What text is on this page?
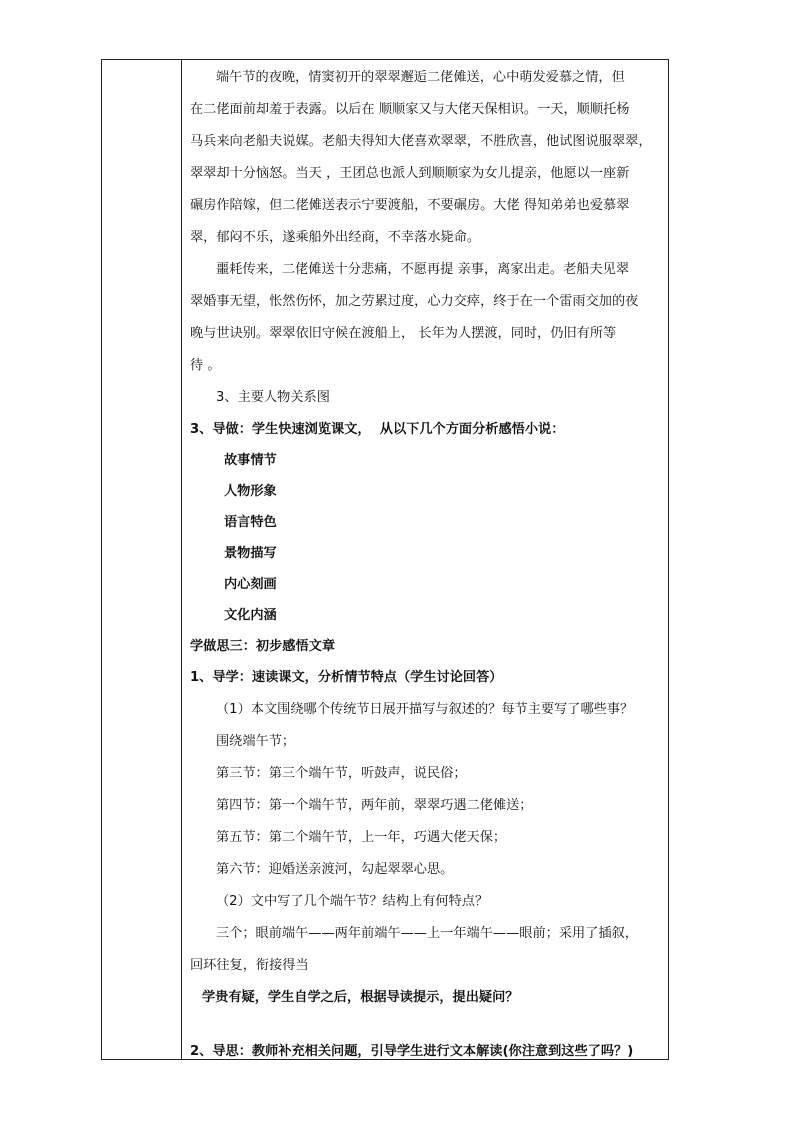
端午节的夜晚，情窦初开的翠翠邂逅二佬傩送，心中萌发爱慕之情，但
在二佬面前却羞于表露。以后在 顺顺家又与大佬天保相识。一天，顺顺托杨
马兵来向老船夫说媒。老船夫得知大佬喜欢翠翠，不胜欣喜，他试图说服翠翠，
翠翠却十分恼怒。当天 ，王团总也派人到顺顺家为女儿提亲，他愿以一座新
碾房作陪嫁，但二佬傩送表示宁要渡船，不要碾房。大佬 得知弟弟也爱慕翠
翠，郁闷不乐，遂乘船外出经商，不幸落水毙命。
噩耗传来，二佬傩送十分悲痛，不愿再提 亲事，离家出走。老船夫见翠
翠婚事无望，怅然伤怀，加之劳累过度，心力交瘁，终于在一个雷雨交加的夜
晚与世诀别。翠翠依旧守候在渡船上， 长年为人摆渡，同时，仍旧有所等
待 。
3、主要人物关系图
3、导做：学生快速浏览课文，  从以下几个方面分析感悟小说：
故事情节
人物形象
语言特色
景物描写
内心刻画
文化内涵
学做思三：初步感悟文章
1、导学：速读课文，分析情节特点（学生讨论回答）
（1）本文围绕哪个传统节日展开描写与叙述的？每节主要写了哪些事？
围绕端午节；
第三节：第三个端午节，听鼓声，说民俗；
第四节：第一个端午节，两年前，翠翠巧遇二佬傩送；
第五节：第二个端午节，上一年，巧遇大佬天保；
第六节：迎婚送亲渡河，勾起翠翠心思。
（2）文中写了几个端午节？结构上有何特点？
三个；眼前端午——两年前端午——上一年端午——眼前；采用了插叙，
回环往复，衔接得当
学贵有疑，学生自学之后，根据导读提示，提出疑问？
2、导思：教师补充相关问题，引导学生进行文本解读(你注意到这些了吗？)
